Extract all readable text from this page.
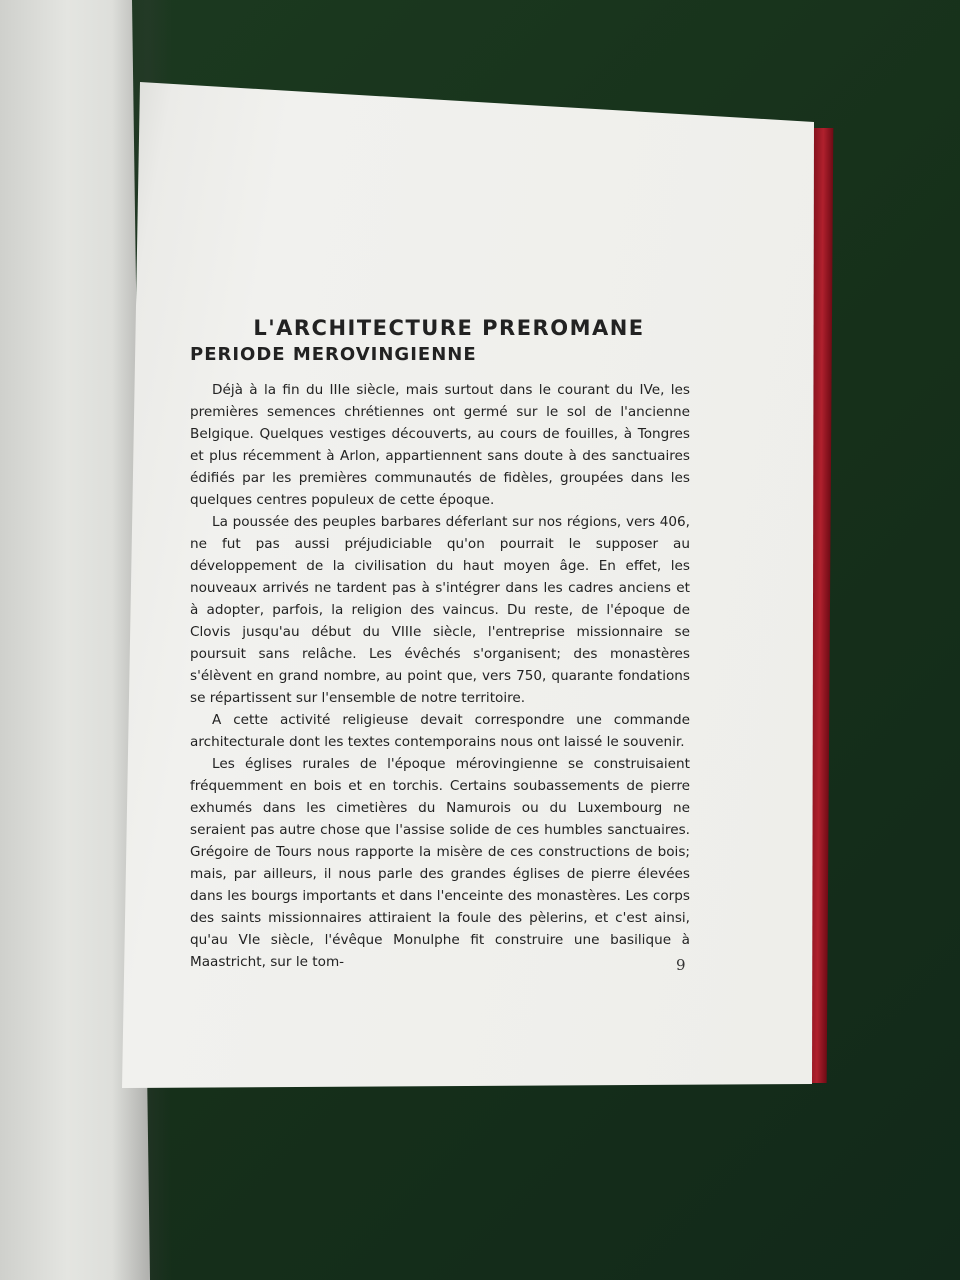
L'ARCHITECTURE PREROMANE
PERIODE MEROVINGIENNE

Déjà à la fin du IIIe siècle, mais surtout dans le courant du IVe, les premières semences chrétiennes ont germé sur le sol de l'ancienne Belgique. Quelques vestiges découverts, au cours de fouilles, à Tongres et plus récemment à Arlon, appartiennent sans doute à des sanctuaires édifiés par les premières communautés de fidèles, groupées dans les quelques centres populeux de cette époque.

La poussée des peuples barbares déferlant sur nos régions, vers 406, ne fut pas aussi préjudiciable qu'on pourrait le supposer au développement de la civilisation du haut moyen âge. En effet, les nouveaux arrivés ne tardent pas à s'intégrer dans les cadres anciens et à adopter, parfois, la religion des vaincus. Du reste, de l'époque de Clovis jusqu'au début du VIIIe siècle, l'entreprise missionnaire se poursuit sans relâche. Les évêchés s'organisent; des monastères s'élèvent en grand nombre, au point que, vers 750, quarante fondations se répartissent sur l'ensemble de notre territoire.

A cette activité religieuse devait correspondre une commande architecturale dont les textes contemporains nous ont laissé le souvenir.

Les églises rurales de l'époque mérovingienne se construisaient fréquemment en bois et en torchis. Certains soubassements de pierre exhumés dans les cimetières du Namurois ou du Luxembourg ne seraient pas autre chose que l'assise solide de ces humbles sanctuaires. Grégoire de Tours nous rapporte la misère de ces constructions de bois; mais, par ailleurs, il nous parle des grandes églises de pierre élevées dans les bourgs importants et dans l'enceinte des monastères. Les corps des saints missionnaires attiraient la foule des pèlerins, et c'est ainsi, qu'au VIe siècle, l'évêque Monulphe fit construire une basilique à Maastricht, sur le tom-	9
